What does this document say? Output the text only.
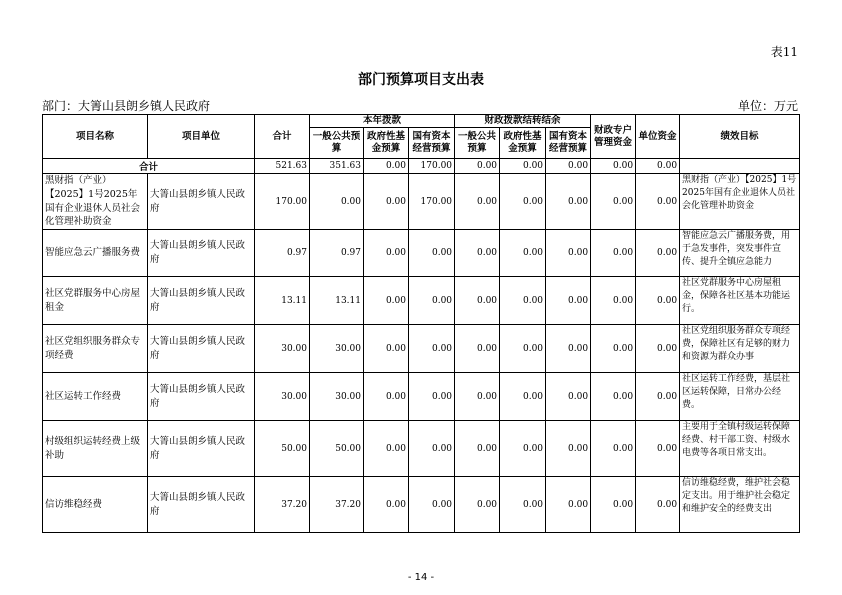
表11
部门预算项目支出表
部门：大箐山县朗乡镇人民政府	单位：万元
项目名称	项目单位	合计	本年拨款			财政拨款结转结余			财政专户管理资金	单位资金	绩效目标
			一般公共预算	政府性基金预算	国有资本经营预算	一般公共预算	政府性基金预算	国有资本经营预算			
合计		521.63	351.63	0.00	170.00	0.00	0.00	0.00	0.00	0.00	
黑财指（产业）【2025】1号2025年国有企业退休人员社会化管理补助资金	大箐山县朗乡镇人民政府	170.00	0.00	0.00	170.00	0.00	0.00	0.00	0.00	0.00	黑财指（产业）【2025】1号2025年国有企业退休人员社会化管理补助资金
智能应急云广播服务费	大箐山县朗乡镇人民政府	0.97	0.97	0.00	0.00	0.00	0.00	0.00	0.00	0.00	智能应急云广播服务费，用于急发事件，突发事件宣传、提升全镇应急能力
社区党群服务中心房屋租金	大箐山县朗乡镇人民政府	13.11	13.11	0.00	0.00	0.00	0.00	0.00	0.00	0.00	社区党群服务中心房屋租金，保障各社区基本功能运行。
社区党组织服务群众专项经费	大箐山县朗乡镇人民政府	30.00	30.00	0.00	0.00	0.00	0.00	0.00	0.00	0.00	社区党组织服务群众专项经费，保障社区有足够的财力和资源为群众办事
社区运转工作经费	大箐山县朗乡镇人民政府	30.00	30.00	0.00	0.00	0.00	0.00	0.00	0.00	0.00	社区运转工作经费，基层社区运转保障，日常办公经费。
村级组织运转经费上级补助	大箐山县朗乡镇人民政府	50.00	50.00	0.00	0.00	0.00	0.00	0.00	0.00	0.00	主要用于全镇村级运转保障经费、村干部工资、村级水电费等各项日常支出。
信访维稳经费	大箐山县朗乡镇人民政府	37.20	37.20	0.00	0.00	0.00	0.00	0.00	0.00	0.00	信访维稳经费，维护社会稳定支出。用于维护社会稳定和维护安全的经费支出
- 14 -
